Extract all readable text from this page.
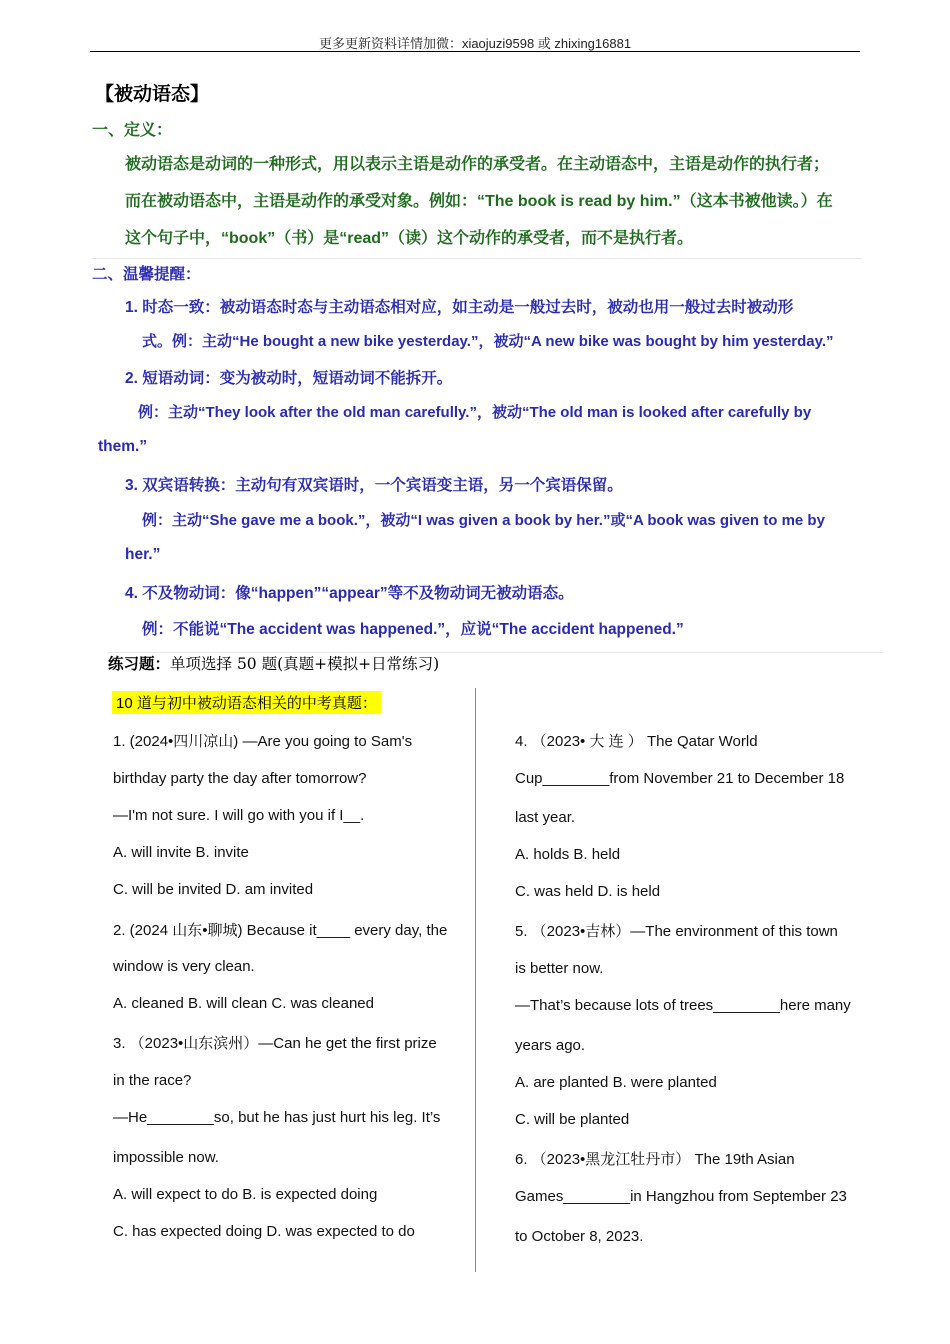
更多更新资料详情加微：xiaojuzi9598 或 zhixing16881
【被动语态】
一、定义：
被动语态是动词的一种形式，用以表示主语是动作的承受者。在主动语态中，主语是动作的执行者；
而在被动语态中，主语是动作的承受对象。例如：“The book is read by him.”（这本书被他读。）在
这个句子中，“book”（书）是“read”（读）这个动作的承受者，而不是执行者。
二、温馨提醒：
1. 时态一致：被动语态时态与主动语态相对应，如主动是一般过去时，被动也用一般过去时被动形
式。例：主动“He bought a new bike yesterday.”，被动“A new bike was bought by him yesterday.”
2. 短语动词：变为被动时，短语动词不能拆开。
例：主动“They look after the old man carefully.”，被动“The old man is looked after carefully by
them.”
3. 双宾语转换：主动句有双宾语时，一个宾语变主语，另一个宾语保留。
例：主动“She gave me a book.”，被动“I was given a book by her.”或“A book was given to me by
her.”
4. 不及物动词：像“happen”“appear”等不及物动词无被动语态。
例：不能说“The accident was happened.”，应说“The accident happened.”
练习题：单项选择 50 题(真题+模拟+日常练习)
10 道与初中被动语态相关的中考真题：
1. (2024•四川凉山) —Are you going to Sam's
birthday party the day after tomorrow?
—I'm not sure. I will go with you if I__.
A. will invite B. invite
C. will be invited D. am invited
2. (2024 山东•聊城) Because it____ every day, the
window is very clean.
A. cleaned B. will clean C. was cleaned
3. （2023•山东滨州）—Can he get the first prize
in the race?
—He________so, but he has just hurt his leg. It’s
impossible now.
A. will expect to do B. is expected doing
C. has expected doing D. was expected to do
4. （2023• 大 连 ） The Qatar World
Cup________from November 21 to December 18
last year.
A. holds B. held
C. was held D. is held
5. （2023•吉林）—The environment of this town
is better now.
—That’s because lots of trees________here many
years ago.
A. are planted B. were planted
C. will be planted
6. （2023•黑龙江牡丹市） The 19th Asian
Games________in Hangzhou from September 23
to October 8, 2023.
